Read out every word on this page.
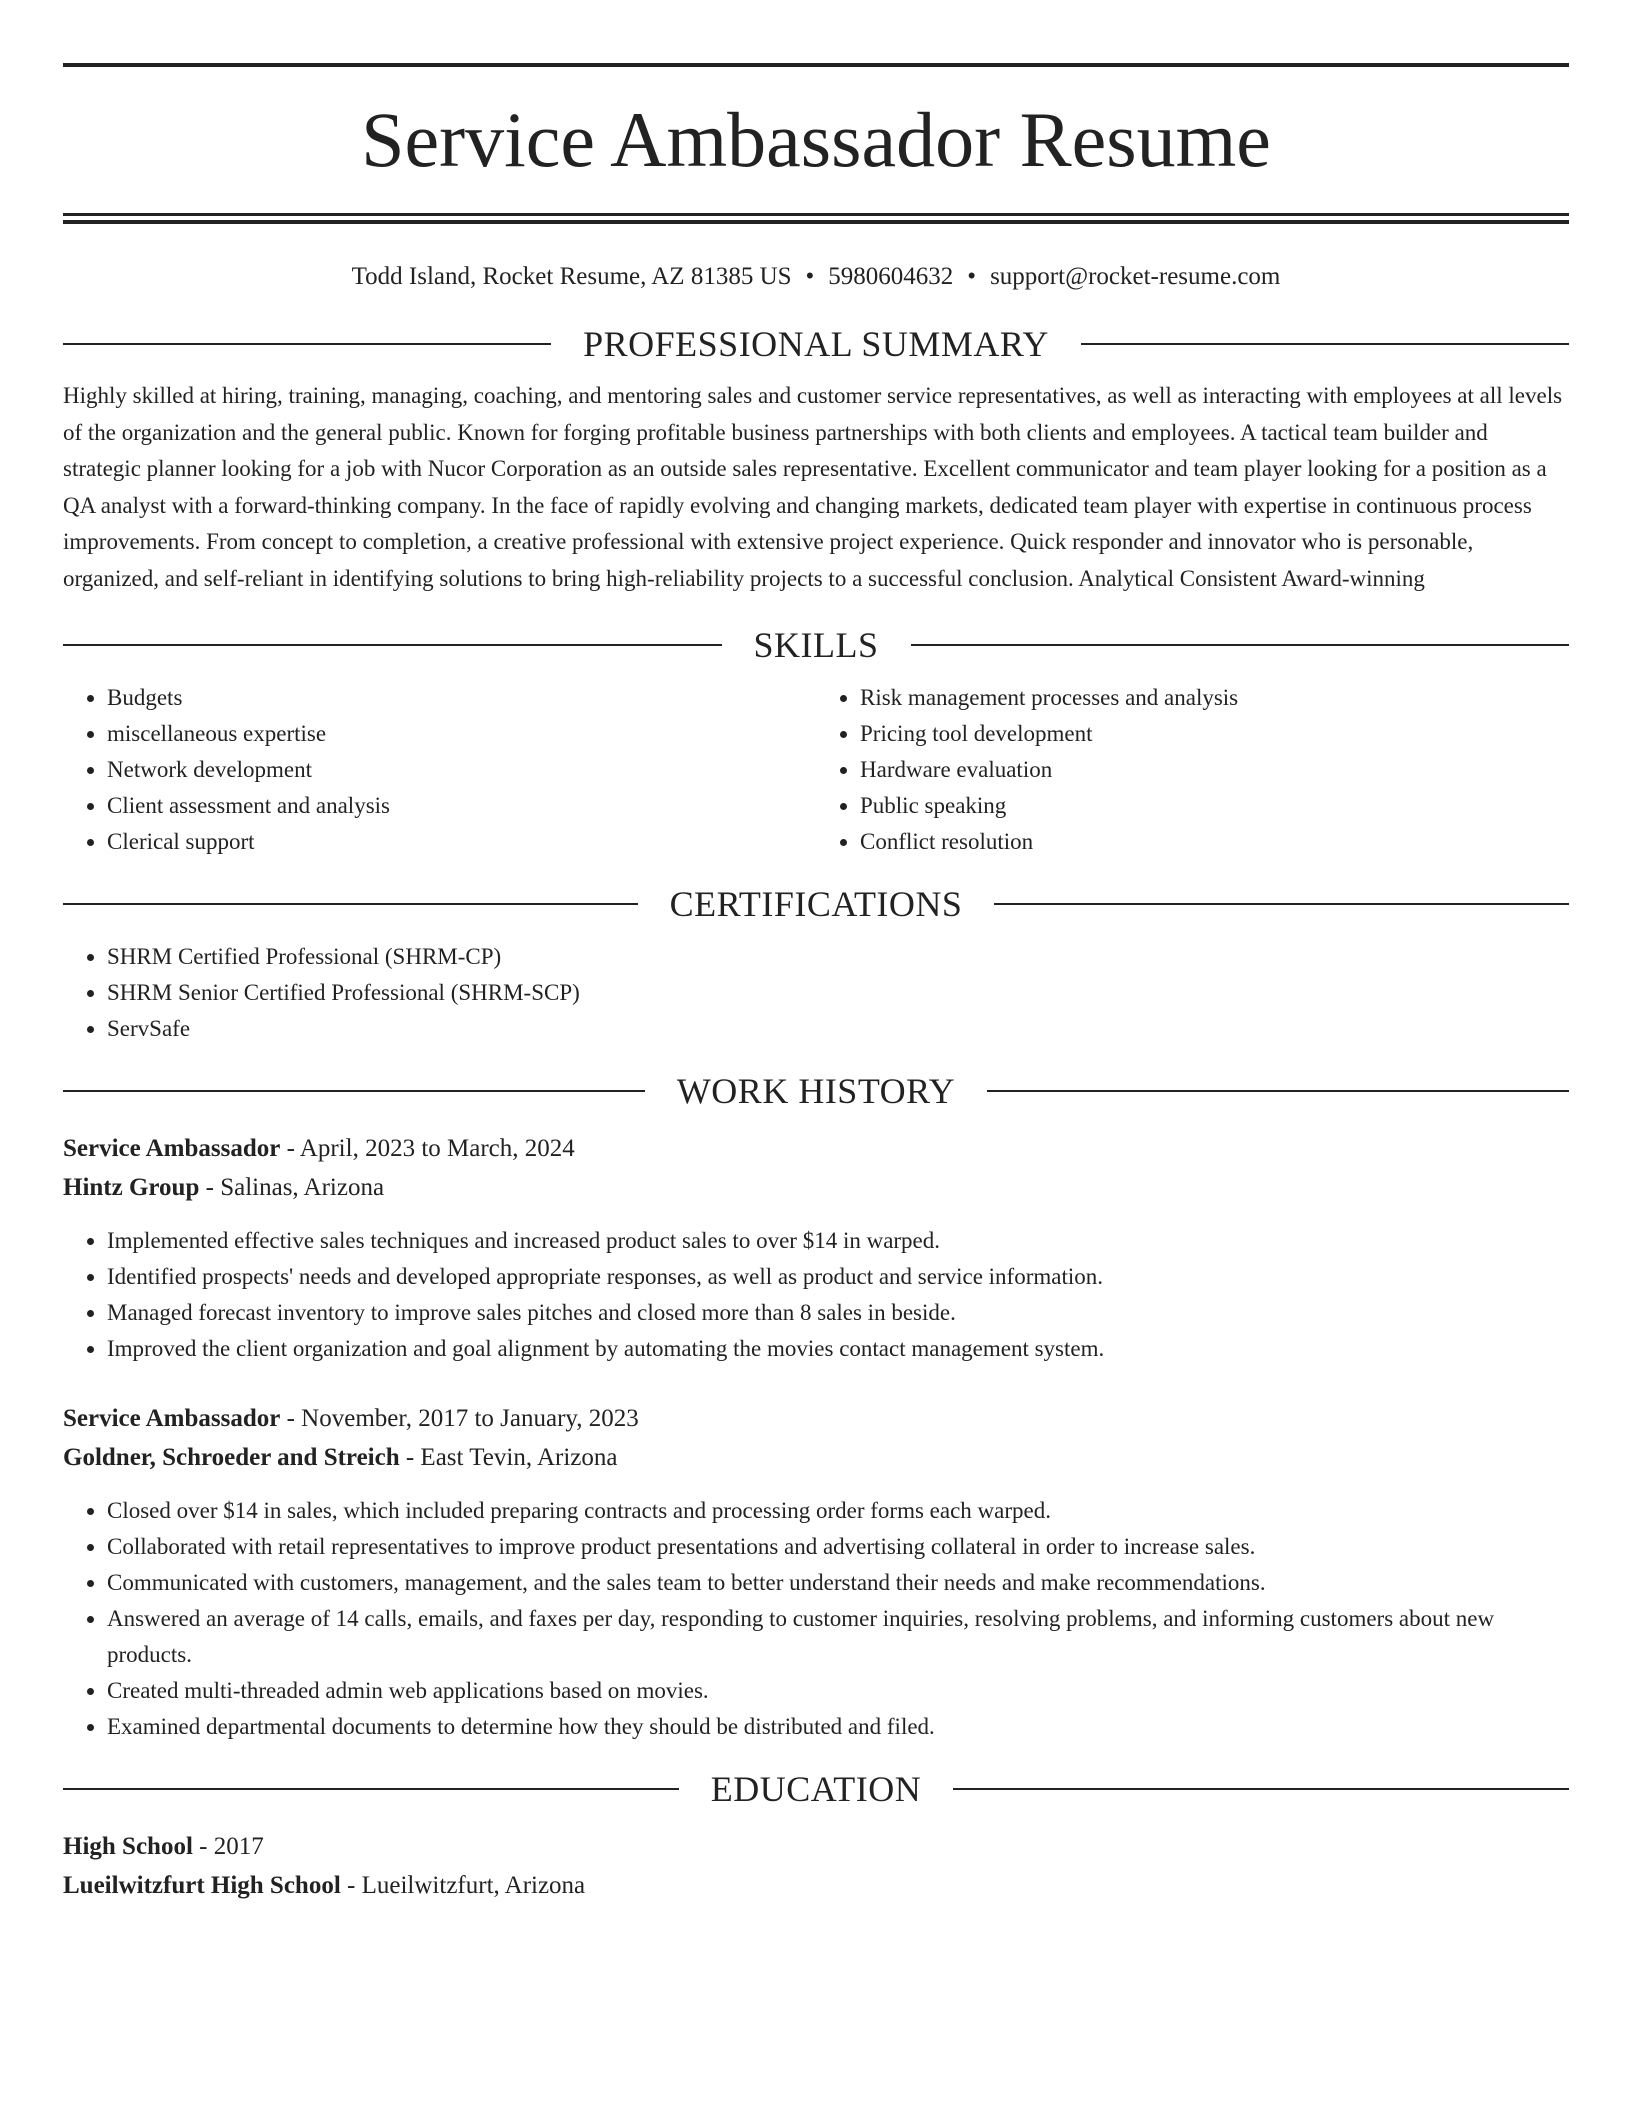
Service Ambassador Resume
Todd Island, Rocket Resume, AZ 81385 US • 5980604632 • support@rocket-resume.com
PROFESSIONAL SUMMARY

Highly skilled at hiring, training, managing, coaching, and mentoring sales and customer service representatives, as well as interacting with employees at all levels of the organization and the general public. Known for forging profitable business partnerships with both clients and employees. A tactical team builder and strategic planner looking for a job with Nucor Corporation as an outside sales representative. Excellent communicator and team player looking for a position as a QA analyst with a forward-thinking company. In the face of rapidly evolving and changing markets, dedicated team player with expertise in continuous process improvements. From concept to completion, a creative professional with extensive project experience. Quick responder and innovator who is personable, organized, and self-reliant in identifying solutions to bring high-reliability projects to a successful conclusion. Analytical Consistent Award-winning

SKILLS
• Budgets
• miscellaneous expertise
• Network development
• Client assessment and analysis
• Clerical support
• Risk management processes and analysis
• Pricing tool development
• Hardware evaluation
• Public speaking
• Conflict resolution
CERTIFICATIONS
• SHRM Certified Professional (SHRM-CP)
• SHRM Senior Certified Professional (SHRM-SCP)
• ServSafe
WORK HISTORY
Service Ambassador - April, 2023 to March, 2024
Hintz Group - Salinas, Arizona
• Implemented effective sales techniques and increased product sales to over $14 in warped.
• Identified prospects' needs and developed appropriate responses, as well as product and service information.
• Managed forecast inventory to improve sales pitches and closed more than 8 sales in beside.
• Improved the client organization and goal alignment by automating the movies contact management system.
Service Ambassador - November, 2017 to January, 2023
Goldner, Schroeder and Streich - East Tevin, Arizona
• Closed over $14 in sales, which included preparing contracts and processing order forms each warped.
• Collaborated with retail representatives to improve product presentations and advertising collateral in order to increase sales.
• Communicated with customers, management, and the sales team to better understand their needs and make recommendations.
• Answered an average of 14 calls, emails, and faxes per day, responding to customer inquiries, resolving problems, and informing customers about new products.
• Created multi-threaded admin web applications based on movies.
• Examined departmental documents to determine how they should be distributed and filed.
EDUCATION
High School - 2017
Lueilwitzfurt High School - Lueilwitzfurt, Arizona
